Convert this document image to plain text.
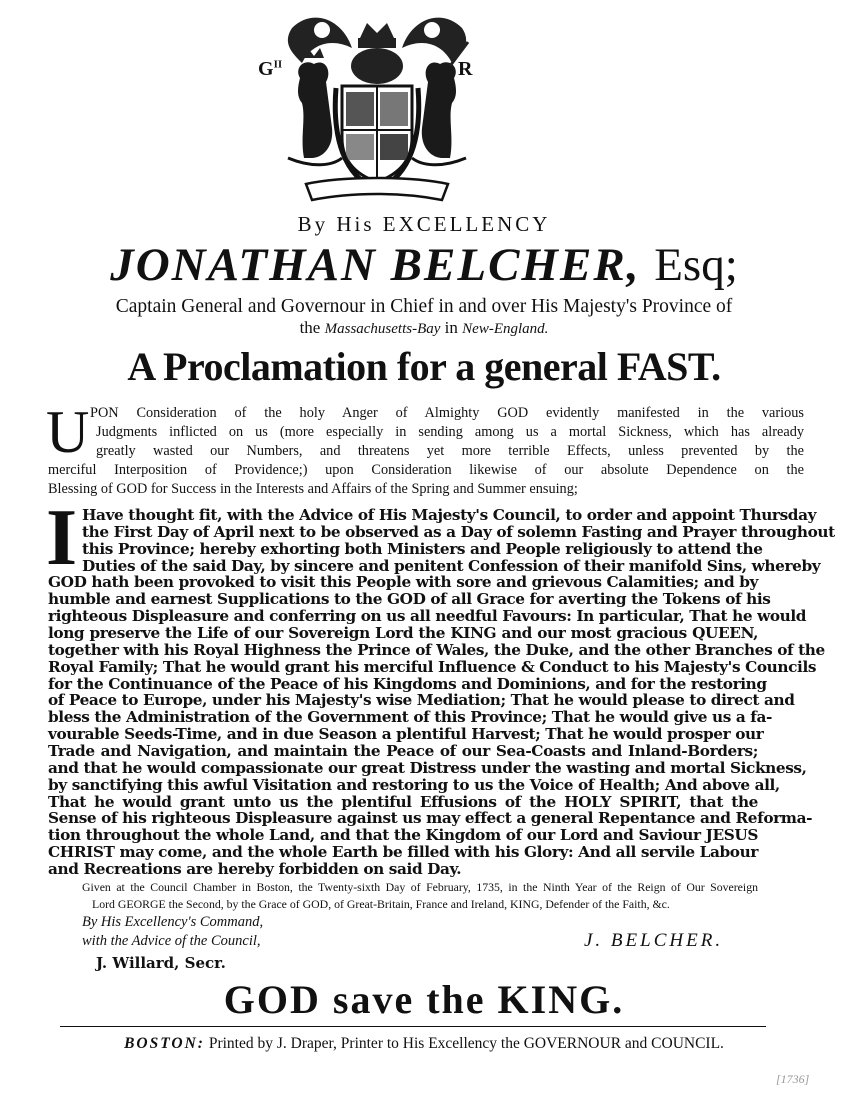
$G^{II}$	R
By His EXCELLENCY
JONATHAN BELCHER, Esq;
Captain General and Governour in Chief in and over His Majesty's Province of
the Massachusetts-Bay in New-England.
A Proclamation for a general FAST.
U PON Consideration of the holy Anger of Almighty GOD evidently manifested in the various
Judgments inflicted on us (more especially in sending among us a mortal Sickness, which has already
greatly wasted our Numbers, and threatens yet more terrible Effects, unless prevented by the
merciful Interposition of Providence;) upon Consideration likewise of our absolute Dependence on the
Blessing of GOD for Success in the Interests and Affairs of the Spring and Summer ensuing;
I Have thought fit, with the Advice of His Majesty's Council, to order and appoint Thursday
the First Day of April next to be observed as a Day of solemn Fasting and Prayer throughout
this Province; hereby exhorting both Ministers and People religiously to attend the
Duties of the said Day, by sincere and penitent Confession of their manifold Sins, whereby
GOD hath been provoked to visit this People with sore and grievous Calamities; and by
humble and earnest Supplications to the GOD of all Grace for averting the Tokens of his
righteous Displeasure and conferring on us all needful Favours: In particular, That he would
long preserve the Life of our Sovereign Lord the KING and our most gracious QUEEN,
together with his Royal Highness the Prince of Wales, the Duke, and the other Branches of the
Royal Family; That he would grant his merciful Influence & Conduct to his Majesty's Councils
for the Continuance of the Peace of his Kingdoms and Dominions, and for the restoring
of Peace to Europe, under his Majesty's wise Mediation; That he would please to direct and
bless the Administration of the Government of this Province; That he would give us a fa-
vourable Seeds-Time, and in due Season a plentiful Harvest; That he would prosper our
Trade and Navigation, and maintain the Peace of our Sea-Coasts and Inland-Borders;
and that he would compassionate our great Distress under the wasting and mortal Sickness,
by sanctifying this awful Visitation and restoring to us the Voice of Health; And above all,
That he would grant unto us the plentiful Effusions of the HOLY SPIRIT, that the
Sense of his righteous Displeasure against us may effect a general Repentance and Reforma-
tion throughout the whole Land, and that the Kingdom of our Lord and Saviour JESUS
CHRIST may come, and the whole Earth be filled with his Glory: And all servile Labour
and Recreations are hereby forbidden on said Day.
Given at the Council Chamber in Boston, the Twenty-sixth Day of February, 1735, in the Ninth Year of the Reign of Our Sovereign
Lord GEORGE the Second, by the Grace of GOD, of Great-Britain, France and Ireland, KING, Defender of the Faith, &c.
By His Excellency's Command,
with the Advice of the Council,
J. Willard, Secr.
J. BELCHER.
GOD save the KING.
BOSTON: Printed by J. Draper, Printer to His Excellency the GOVERNOUR and COUNCIL.
[1736]
